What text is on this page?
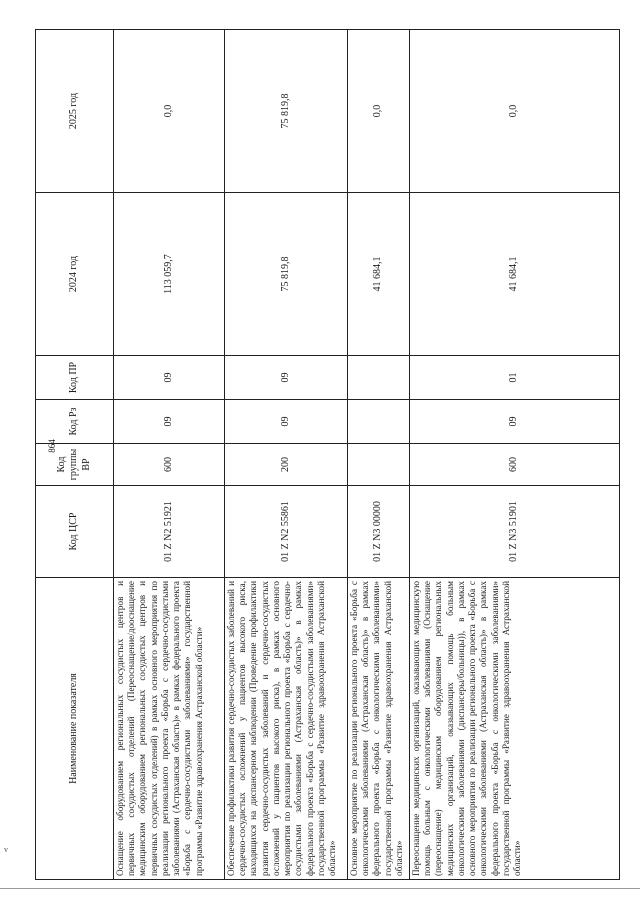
864
v
Наименование показателя	Код ЦСР	Код группы ВР	Код Рз	Код ПР	2024 год	2025 год
Оснащение оборудованием региональных сосудистых центров и первичных сосудистых отделений (Переоснащение/дооснащение медицинским оборудованием региональных сосудистых центров и первичных сосудистых отделений) в рамках основного мероприятия по реализации регионального проекта «Борьба с сердечно-сосудистыми заболеваниями (Астраханская область)» в рамках федерального проекта «Борьба с сердечно-сосудистыми заболеваниями» государственной программы «Развитие здравоохранения Астраханской области»	01 Z N2 51921	600	09	09	113 059,7	0,0
Обеспечение профилактики развития сердечно-сосудистых заболеваний и сердечно-сосудистых осложнений у пациентов высокого риска, находящихся на диспансерном наблюдении (Проведение профилактики развития сердечно-сосудистых заболеваний и сердечно-сосудистых осложнений у пациентов высокого риска), в рамках основного мероприятия по реализации регионального проекта «Борьба с сердечно-сосудистыми заболеваниями (Астраханская область)» в рамках федерального проекта «Борьба с сердечно-сосудистыми заболеваниями» государственной программы «Развитие здравоохранения Астраханской области»	01 Z N2 55861	200	09	09	75 819,8	75 819,8
Основное мероприятие по реализации регионального проекта «Борьба с онкологическими заболеваниями (Астраханская область)» в рамках федерального проекта «Борьба с онкологическими заболеваниями» государственной программы «Развитие здравоохранения Астраханской области»	01 Z N3 00000				41 684,1	0,0
Переоснащение медицинских организаций, оказывающих медицинскую помощь больным с онкологическими заболеваниями (Оснащение (переоснащение) медицинским оборудованием региональных медицинских организаций, оказывающих помощь больным онкологическими заболеваниями (диспансеры/больницы)), в рамках основного мероприятия по реализации регионального проекта «Борьба с онкологическими заболеваниями (Астраханская область)» в рамках федерального проекта «Борьба с онкологическими заболеваниями» государственной программы «Развитие здравоохранения Астраханской области»	01 Z N3 51901	600	09	01	41 684,1	0,0
